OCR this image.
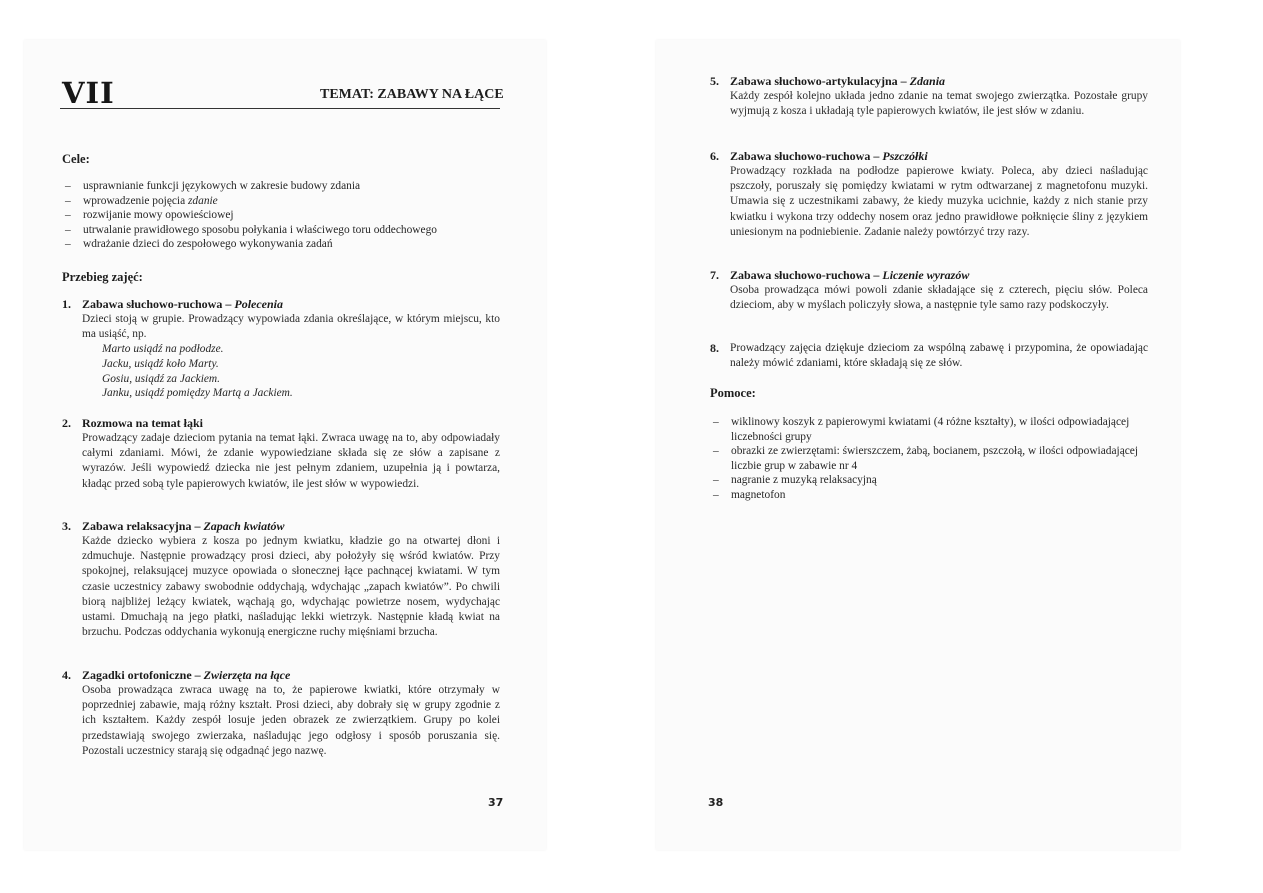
VII	TEMAT: ZABAWY NA ŁĄCE
Cele:
– usprawnianie funkcji językowych w zakresie budowy zdania
– wprowadzenie pojęcia zdanie
– rozwijanie mowy opowieściowej
– utrwalanie prawidłowego sposobu połykania i właściwego toru oddechowego
– wdrażanie dzieci do zespołowego wykonywania zadań
Przebieg zajęć:
1. Zabawa słuchowo-ruchowa – Polecenia

Dzieci stoją w grupie. Prowadzący wypowiada zdania określające, w którym miejscu, kto ma usiąść, np.

Marto usiądź na podłodze.
Jacku, usiądź koło Marty.
Gosiu, usiądź za Jackiem.
Janku, usiądź pomiędzy Martą a Jackiem.
2. Rozmowa na temat łąki

Prowadzący zadaje dzieciom pytania na temat łąki. Zwraca uwagę na to, aby odpowiadały całymi zdaniami. Mówi, że zdanie wypowiedziane składa się ze słów a zapisane z wyrazów. Jeśli wypowiedź dziecka nie jest pełnym zdaniem, uzupełnia ją i powtarza, kładąc przed sobą tyle papierowych kwiatów, ile jest słów w wypowiedzi.

3. Zabawa relaksacyjna – Zapach kwiatów

Każde dziecko wybiera z kosza po jednym kwiatku, kładzie go na otwartej dłoni i zdmuchuje. Następnie prowadzący prosi dzieci, aby położyły się wśród kwiatów. Przy spokojnej, relaksującej muzyce opowiada o słonecznej łące pachnącej kwiatami. W tym czasie uczestnicy zabawy swobodnie oddychają, wdychając „zapach kwiatów”. Po chwili biorą najbliżej leżący kwiatek, wąchają go, wdychając powietrze nosem, wydychając ustami. Dmuchają na jego płatki, naśladując lekki wietrzyk. Następnie kładą kwiat na brzuchu. Podczas oddychania wykonują energiczne ruchy mięśniami brzucha.

4. Zagadki ortofoniczne – Zwierzęta na łące

Osoba prowadząca zwraca uwagę na to, że papierowe kwiatki, które otrzymały w poprzedniej zabawie, mają różny kształt. Prosi dzieci, aby dobrały się w grupy zgodnie z ich kształtem. Każdy zespół losuje jeden obrazek ze zwierzątkiem. Grupy po kolei przedstawiają swojego zwierzaka, naśladując jego odgłosy i sposób poruszania się. Pozostali uczestnicy starają się odgadnąć jego nazwę.

37
5. Zabawa słuchowo-artykulacyjna – Zdania

Każdy zespół kolejno układa jedno zdanie na temat swojego zwierzątka. Pozostałe grupy wyjmują z kosza i układają tyle papierowych kwiatów, ile jest słów w zdaniu.

6. Zabawa słuchowo-ruchowa – Pszczółki

Prowadzący rozkłada na podłodze papierowe kwiaty. Poleca, aby dzieci naśladując pszczoły, poruszały się pomiędzy kwiatami w rytm odtwarzanej z magnetofonu muzyki. Umawia się z uczestnikami zabawy, że kiedy muzyka ucichnie, każdy z nich stanie przy kwiatku i wykona trzy oddechy nosem oraz jedno prawidłowe połknięcie śliny z językiem uniesionym na podniebienie. Zadanie należy powtórzyć trzy razy.

7. Zabawa słuchowo-ruchowa – Liczenie wyrazów

Osoba prowadząca mówi powoli zdanie składające się z czterech, pięciu słów. Poleca dzieciom, aby w myślach policzyły słowa, a następnie tyle samo razy podskoczyły.

8. Prowadzący zajęcia dziękuje dzieciom za wspólną zabawę i przypomina, że opowiadając należy mówić zdaniami, które składają się ze słów.
Pomoce:
– wiklinowy koszyk z papierowymi kwiatami (4 różne kształty), w ilości odpowiadającej liczebności grupy
– obrazki ze zwierzętami: świerszczem, żabą, bocianem, pszczołą, w ilości odpowiadającej liczbie grup w zabawie nr 4
– nagranie z muzyką relaksacyjną
– magnetofon
38
